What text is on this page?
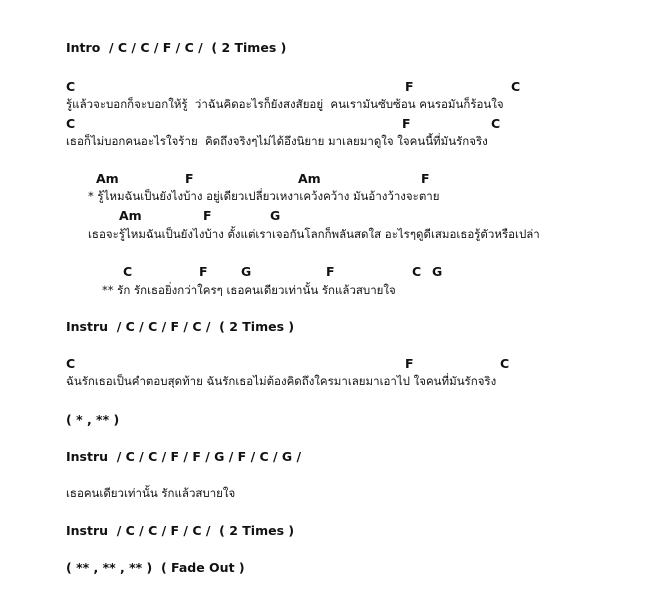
Intro  / C / C / F / C /  ( 2 Times )
C	F	C
รู้แล้วจะบอกก็จะบอกให้รู้  ว่าฉันคิดอะไรก็ยังสงสัยอยู่  คนเรามันซับซ้อน คนรอมันก็ร้อนใจ
C	F	C
เธอก็ไม่บอกคนอะไรใจร้าย  คิดถึงจริงๆไม่ได้อึงนิยาย มาเลยมาดูใจ ใจคนนี้ที่มันรักจริง
Am	F	Am	F
* รู้ไหมฉันเป็นยังไงบ้าง อยู่เดียวเปลี่ยวเหงาเคว้งคว้าง มันอ้างว้างจะตาย
Am	F	G
เธอจะรู้ไหมฉันเป็นยังไงบ้าง ตั้งแต่เราเจอกันโลกก็พลันสดใส อะไรๆดูดีเสมอเธอรู้ตัวหรือเปล่า
C	F	G	F	C G
** รัก รักเธอยิ่งกว่าใครๆ เธอคนเดียวเท่านั้น รักแล้วสบายใจ
Instru  / C / C / F / C /  ( 2 Times )
C	F	C
ฉันรักเธอเป็นคำตอบสุดท้าย ฉันรักเธอไม่ต้องคิดถึงใครมาเลยมาเอาไป ใจคนที่มันรักจริง
( * , ** )
Instru  / C / C / F / F / G / F / C / G /
เธอคนเดียวเท่านั้น รักแล้วสบายใจ
Instru  / C / C / F / C /  ( 2 Times )
( ** , ** , ** )  ( Fade Out )
